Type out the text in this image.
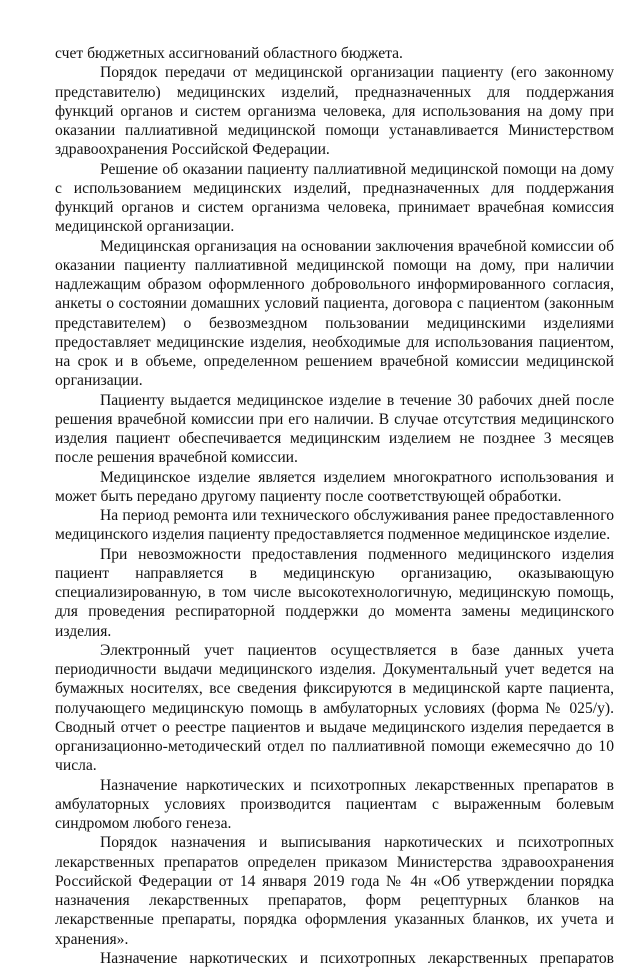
счет бюджетных ассигнований областного бюджета.

Порядок передачи от медицинской организации пациенту (его законному представителю) медицинских изделий, предназначенных для поддержания функций органов и систем организма человека, для использования на дому при оказании паллиативной медицинской помощи устанавливается Министерством здравоохранения Российской Федерации.

Решение об оказании пациенту паллиативной медицинской помощи на дому с использованием медицинских изделий, предназначенных для поддержания функций органов и систем организма человека, принимает врачебная комиссия медицинской организации.

Медицинская организация на основании заключения врачебной комиссии об оказании пациенту паллиативной медицинской помощи на дому, при наличии надлежащим образом оформленного добровольного информированного согласия, анкеты о состоянии домашних условий пациента, договора с пациентом (законным представителем) о безвозмездном пользовании медицинскими изделиями предоставляет медицинские изделия, необходимые для использования пациентом, на срок и в объеме, определенном решением врачебной комиссии медицинской организации.

Пациенту выдается медицинское изделие в течение 30 рабочих дней после решения врачебной комиссии при его наличии. В случае отсутствия медицинского изделия пациент обеспечивается медицинским изделием не позднее 3 месяцев после решения врачебной комиссии.

Медицинское изделие является изделием многократного использования и может быть передано другому пациенту после соответствующей обработки.

На период ремонта или технического обслуживания ранее предоставленного медицинского изделия пациенту предоставляется подменное медицинское изделие.

При невозможности предоставления подменного медицинского изделия пациент направляется в медицинскую организацию, оказывающую специализированную, в том числе высокотехнологичную, медицинскую помощь, для проведения респираторной поддержки до момента замены медицинского изделия.

Электронный учет пациентов осуществляется в базе данных учета периодичности выдачи медицинского изделия. Документальный учет ведется на бумажных носителях, все сведения фиксируются в медицинской карте пациента, получающего медицинскую помощь в амбулаторных условиях (форма № 025/у). Сводный отчет о реестре пациентов и выдаче медицинского изделия передается в организационно-методический отдел по паллиативной помощи ежемесячно до 10 числа.

Назначение наркотических и психотропных лекарственных препаратов в амбулаторных условиях производится пациентам с выраженным болевым синдромом любого генеза.

Порядок назначения и выписывания наркотических и психотропных лекарственных препаратов определен приказом Министерства здравоохранения Российской Федерации от 14 января 2019 года № 4н «Об утверждении порядка назначения лекарственных препаратов, форм рецептурных бланков на лекарственные препараты, порядка оформления указанных бланков, их учета и хранения».

Назначение наркотических и психотропных лекарственных препаратов
